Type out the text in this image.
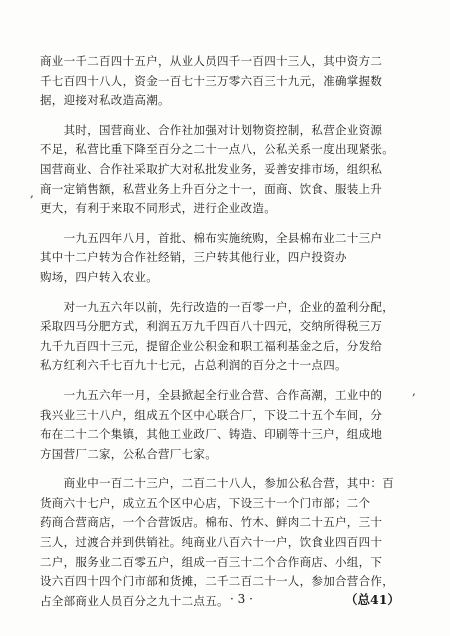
商业一千二百四十五户，从业人员四千一百四十三人，其中资方二
千七百四十八人，资金一百七十三万零六百三十九元，准确掌握数
据，迎接对私改造高潮。
　　其时，国营商业、合作社加强对计划物资控制，私营企业资源
不足，私营比重下降至百分之二十一点八，公私关系一度出现紧张。
国营商业、合作社采取扩大对私批发业务，妥善安排市场，组织私
商一定销售额，私营业务上升百分之十一，面商、饮食、服装上升
更大，有利于来取不同形式，进行企业改造。
　　一九五四年八月，首批、棉布实施统购，全县棉布业二十三户
其中十二户转为合作社经销，三户转其他行业，四户投资办
购场，四户转入农业。
　　对一九五六年以前，先行改造的一百零一户，企业的盈利分配，
采取四马分肥方式，利润五万九千四百八十四元，交纳所得税三万
九千九百四十三元，提留企业公积金和职工福利基金之后，分发给
私方红利六千七百九十七元，占总利润的百分之十一点四。
　　一九五六年一月，全县掀起全行业合营、合作高潮，工业中的
我兴业三十八户，组成五个区中心联合厂，下设二十五个车间，分
布在二十二个集镇，其他工业政厂、铸造、印刷等十三户，组成地
方国营厂二家，公私合营厂七家。
　　商业中一百二十三户，二百二十八人，参加公私合营，其中：百
货商六十七户，成立五个区中心店，下设三十一个门市部；二个
药商合营商店，一个合营饭店。棉布、竹木、鲜肉二十五户，三十
三人，过渡合并到供销社。纯商业八百六十一户，饮食业四百四十
二户，服务业二百零五户，组成一百三十二个合作商店、小组，下
设六百四十四个门市部和货摊，二千二百二十一人，参加合营合作，
占全部商业人员百分之九十二点五。
,
,
· 3 ·	（总41）
